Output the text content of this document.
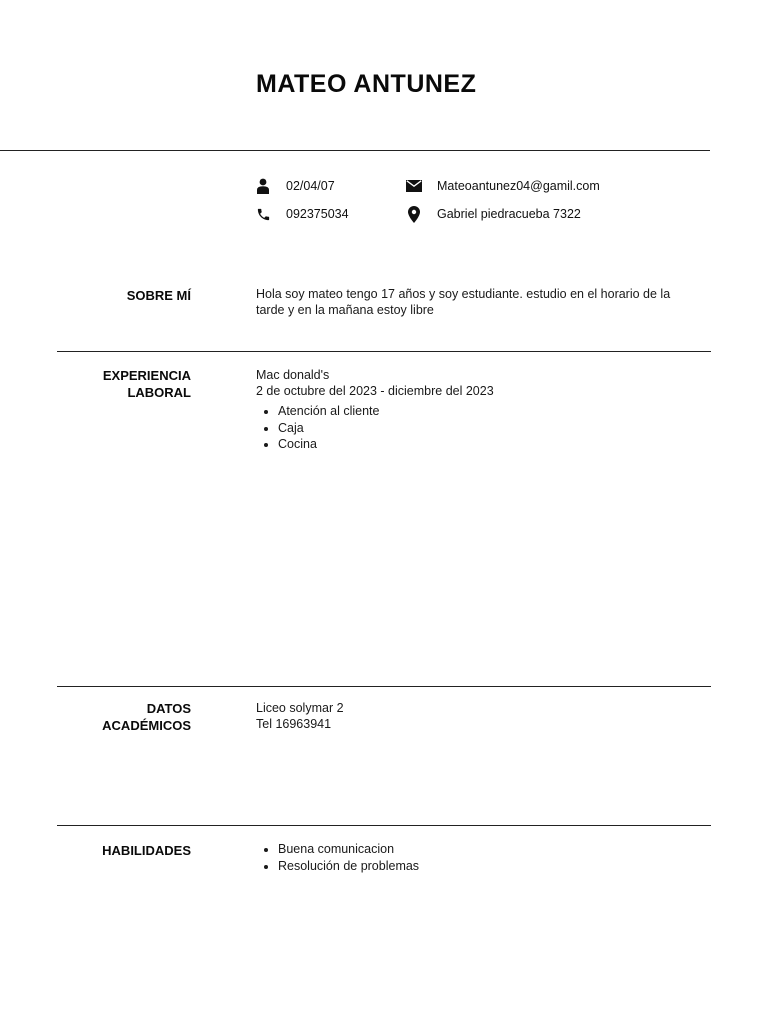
MATEO ANTUNEZ
02/04/07
092375034
Mateoantunez04@gamil.com
Gabriel piedracueba 7322
SOBRE MÍ	Hola soy mateo tengo 17 años y soy estudiante. estudio en el horario de la tarde y en la mañana estoy libre

EXPERIENCIA
LABORAL

Mac donald's

2 de octubre del 2023 - diciembre del 2023

• Atención al cliente
• Caja
• Cocina
DATOS
ACADÉMICOS

Liceo solymar 2

Tel 16963941

HABILIDADES
•	Buena comunicacion
• Resolución de problemas
